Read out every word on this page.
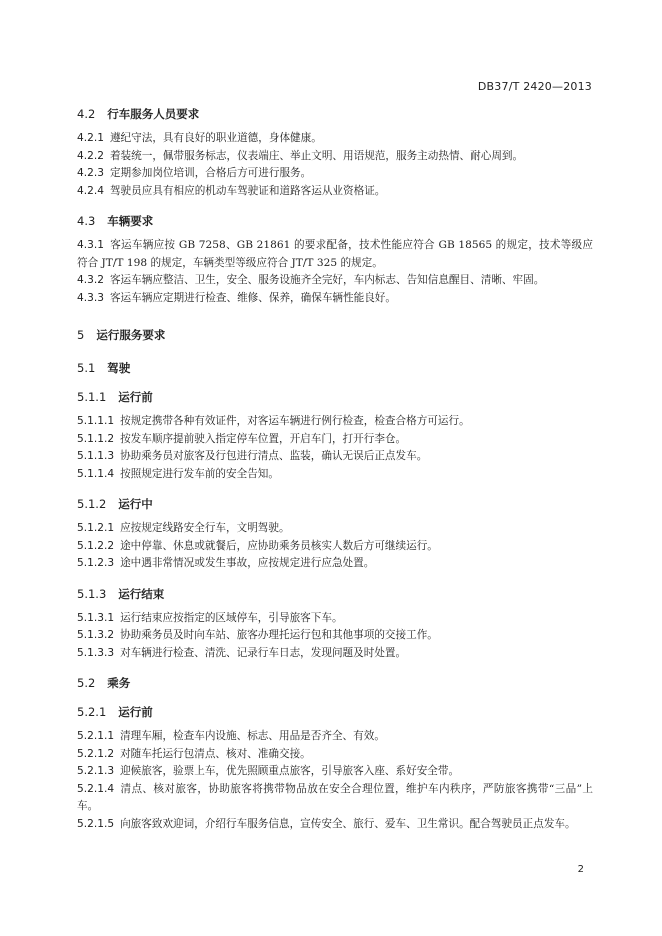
DB37/T 2420—2013

4.2 行车服务人员要求

4.2.1 遵纪守法，具有良好的职业道德，身体健康。

4.2.2 着装统一，佩带服务标志，仪表端庄、举止文明、用语规范，服务主动热情、耐心周到。

4.2.3 定期参加岗位培训，合格后方可进行服务。

4.2.4 驾驶员应具有相应的机动车驾驶证和道路客运从业资格证。

4.3 车辆要求

4.3.1 客运车辆应按 GB 7258、GB 21861 的要求配备，技术性能应符合 GB 18565 的规定，技术等级应符合 JT/T 198 的规定，车辆类型等级应符合 JT/T 325 的规定。

4.3.2 客运车辆应整洁、卫生，安全、服务设施齐全完好，车内标志、告知信息醒目、清晰、牢固。

4.3.3 客运车辆应定期进行检查、维修、保养，确保车辆性能良好。

5 运行服务要求

5.1 驾驶

5.1.1 运行前

5.1.1.1 按规定携带各种有效证件，对客运车辆进行例行检查，检查合格方可运行。

5.1.1.2 按发车顺序提前驶入指定停车位置，开启车门，打开行李仓。

5.1.1.3 协助乘务员对旅客及行包进行清点、监装，确认无误后正点发车。

5.1.1.4 按照规定进行发车前的安全告知。

5.1.2 运行中

5.1.2.1 应按规定线路安全行车，文明驾驶。

5.1.2.2 途中停靠、休息或就餐后，应协助乘务员核实人数后方可继续运行。

5.1.2.3 途中遇非常情况或发生事故，应按规定进行应急处置。

5.1.3 运行结束

5.1.3.1 运行结束应按指定的区域停车，引导旅客下车。

5.1.3.2 协助乘务员及时向车站、旅客办理托运行包和其他事项的交接工作。

5.1.3.3 对车辆进行检查、清洗、记录行车日志，发现问题及时处置。

5.2 乘务

5.2.1 运行前

5.2.1.1 清理车厢，检查车内设施、标志、用品是否齐全、有效。

5.2.1.2 对随车托运行包清点、核对、准确交接。

5.2.1.3 迎候旅客，验票上车，优先照顾重点旅客，引导旅客入座、系好安全带。

5.2.1.4 清点、核对旅客，协助旅客将携带物品放在安全合理位置，维护车内秩序，严防旅客携带“三品”上车。

5.2.1.5 向旅客致欢迎词，介绍行车服务信息，宣传安全、旅行、爱车、卫生常识。配合驾驶员正点发车。

2
